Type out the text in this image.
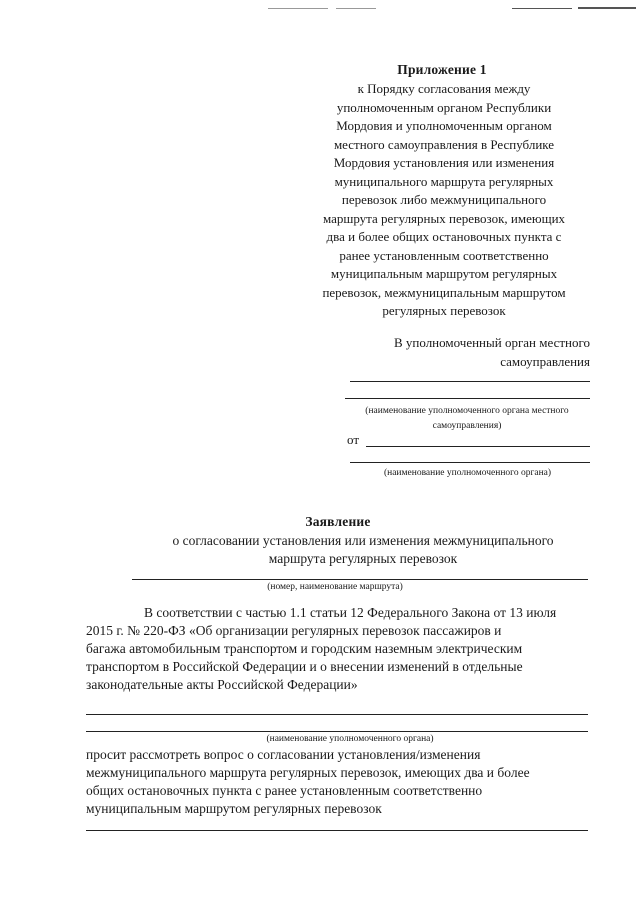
Приложение 1
к Порядку согласования между
уполномоченным органом Республики
Мордовия и уполномоченным органом
местного самоуправления в Республике
Мордовия установления или изменения
муниципального маршрута регулярных
перевозок либо межмуниципального
маршрута регулярных перевозок, имеющих
два и более общих остановочных пункта с
ранее установленным соответственно
муниципальным маршрутом регулярных
перевозок, межмуниципальным маршрутом
регулярных перевозок
В уполномоченный орган местного
самоуправления
(наименование уполномоченного органа местного
самоуправления)
от
(наименование уполномоченного органа)
Заявление
о согласовании установления или изменения межмуниципального
маршрута регулярных перевозок
(номер, наименование маршрута)
В соответствии с частью 1.1 статьи 12 Федерального Закона от 13 июля
2015 г. № 220-ФЗ «Об организации регулярных перевозок пассажиров и
багажа автомобильным транспортом и городским наземным электрическим
транспортом в Российской Федерации и о внесении изменений в отдельные
законодательные акты Российской Федерации»
(наименование уполномоченного органа)
просит рассмотреть вопрос о согласовании установления/изменения
межмуниципального маршрута регулярных перевозок, имеющих два и более
общих остановочных пункта с ранее установленным соответственно
муниципальным маршрутом регулярных перевозок
